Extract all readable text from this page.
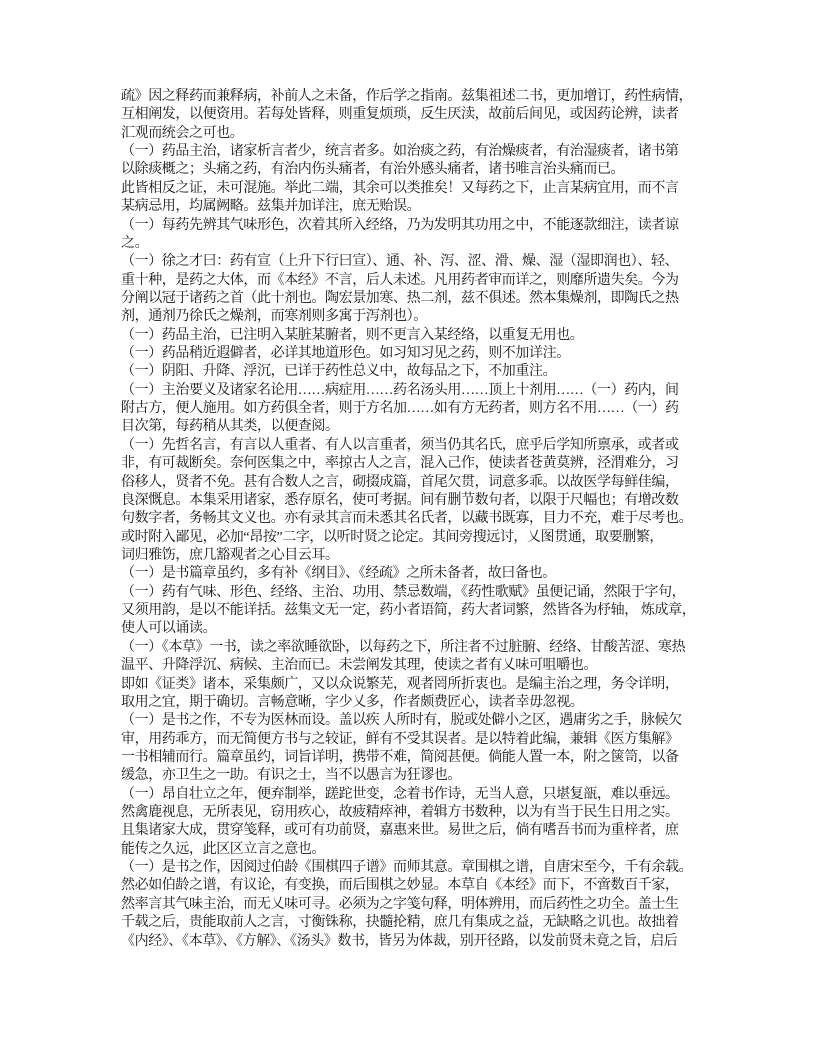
疏》因之释药而兼释病，补前人之未备，作后学之指南。兹集祖述二书，更加增订，药性病情，
互相阐发，以便资用。若每处皆释，则重复烦琐，反生厌渎，故前后间见，或因药论辨，读者
汇观而统会之可也。
（一）药品主治，诸家析言者少，统言者多。如治痰之药，有治燥痰者，有治湿痰者，诸书第
以除痰概之；头痛之药，有治内伤头痛者，有治外感头痛者，诸书唯言治头痛而已。
此皆相反之证，未可混施。举此二端，其余可以类推矣！又每药之下，止言某病宜用，而不言
某病忌用，均属阙略。兹集并加详注，庶无贻误。
（一）每药先辨其气味形色，次着其所入经络，乃为发明其功用之中，不能逐款细注，读者谅
之。
（一）徐之才曰：药有宣（上升下行曰宣）、通、补、泻、涩、滑、燥、湿（湿即润也）、轻、
重十种，是药之大体，而《本经》不言，后人未述。凡用药者审而详之，则靡所遗失矣。今为
分阐以冠于诸药之首（此十剂也。陶宏景加寒、热二剂，兹不俱述。然本集燥剂，即陶氏之热
剂，通剂乃徐氏之燥剂，而寒剂则多寓于泻剂也）。
（一）药品主治，已注明入某脏某腑者，则不更言入某经络，以重复无用也。
（一）药品稍近遐僻者，必详其地道形色。如习知习见之药，则不加详注。
（一）阴阳、升降、浮沉，已详于药性总义中，故每品之下，不加重注。
（一）主治要义及诸家名论用……病症用……药名汤头用……顶上十剂用……（一）药内，间
附古方，便人施用。如方药俱全者，则于方名加……如有方无药者，则方名不用……（一）药
目次第，每药稍从其类，以便查阅。
（一）先哲名言，有言以人重者、有人以言重者，须当仍其名氏，庶乎后学知所禀承，或者或
非，有可裁断矣。奈何医集之中，率掠古人之言，混入己作，使读者苍黄莫辨，泾渭难分，习
俗移人，贤者不免。甚有合数人之言，砌掇成篇，首尾欠贯，词意多乖。以故医学每鲜佳编，
良深慨息。本集采用诸家，悉存原名，使可考据。间有删节数句者，以限于尺幅也；有增改数
句数字者，务畅其文义也。亦有录其言而未悉其名氏者，以藏书既寡，目力不充，难于尽考也。
或时附入鄙见，必加“昂按”二字，以听时贤之论定。其间旁搜远讨，乂图贯通，取要删繁，
词归雅饬，庶几豁观者之心目云耳。
（一）是书篇章虽约，多有补《纲目》、《经疏》之所未备者，故曰备也。
（一）药有气味、形色、经络、主治、功用、禁忌数端，《药性歌赋》虽便记诵，然限于字句，
又须用韵，是以不能详括。兹集文无一定，药小者语简，药大者词繁，然皆各为杼轴， 炼成章，
使人可以诵读。
（一）《本草》一书，读之率欲睡欲卧，以每药之下，所注者不过脏腑、经络、甘酸苦涩、寒热
温平、升降浮沉、病候、主治而已。未尝阐发其理，使读之者有乂味可咀嚼也。
即如《证类》诸本，采集颇广，又以众说繁芜，观者罔所折衷也。是编主治之理，务令详明，
取用之宜，期于确切。言畅意晰，字少乂多，作者颇费匠心，读者幸毋忽视。
（一）是书之作，不专为医林而设。盖以疾 人所时有，脱或处僻小之区，遇庸劣之手，脉候欠
审，用药乖方，而无简便方书与之较证，鲜有不受其误者。是以特着此编，兼辑《医方集解》
一书相辅而行。篇章虽约，词旨详明，携带不难，简阅甚便。倘能人置一本，附之箧笥，以备
缓急，亦卫生之一助。有识之士，当不以愚言为狂谬也。
（一）昂自壮立之年，便弃制举，蹉跎世变，念着书作诗，无当人意，只堪复瓿，难以垂远。
然禽鹿视息，无所表见，窃用疚心，故疲精瘁神，着辑方书数种，以为有当于民生日用之实。
且集诸家大成，贯穿笺释，或可有功前贤，嘉惠来世。易世之后，倘有嗜吾书而为重梓者，庶
能传之久远，此区区立言之意也。
（一）是书之作，因阅过伯龄《围棋四子谱》而师其意。章围棋之谱，自唐宋至今，千有余载。
然必如伯龄之谱，有议论，有变换，而后围棋之妙显。本草自《本经》而下，不啻数百千家，
然率言其气味主治，而无乂味可寻。必须为之字笺句释，明体辨用，而后药性之功全。盖士生
千载之后，贵能取前人之言，寸衡铢称，抉髓抡精，庶几有集成之益，无缺略之讥也。故拙着
《内经》、《本草》、《方解》、《汤头》数书，皆另为体裁，别开径路，以发前贤未竟之旨，启后
